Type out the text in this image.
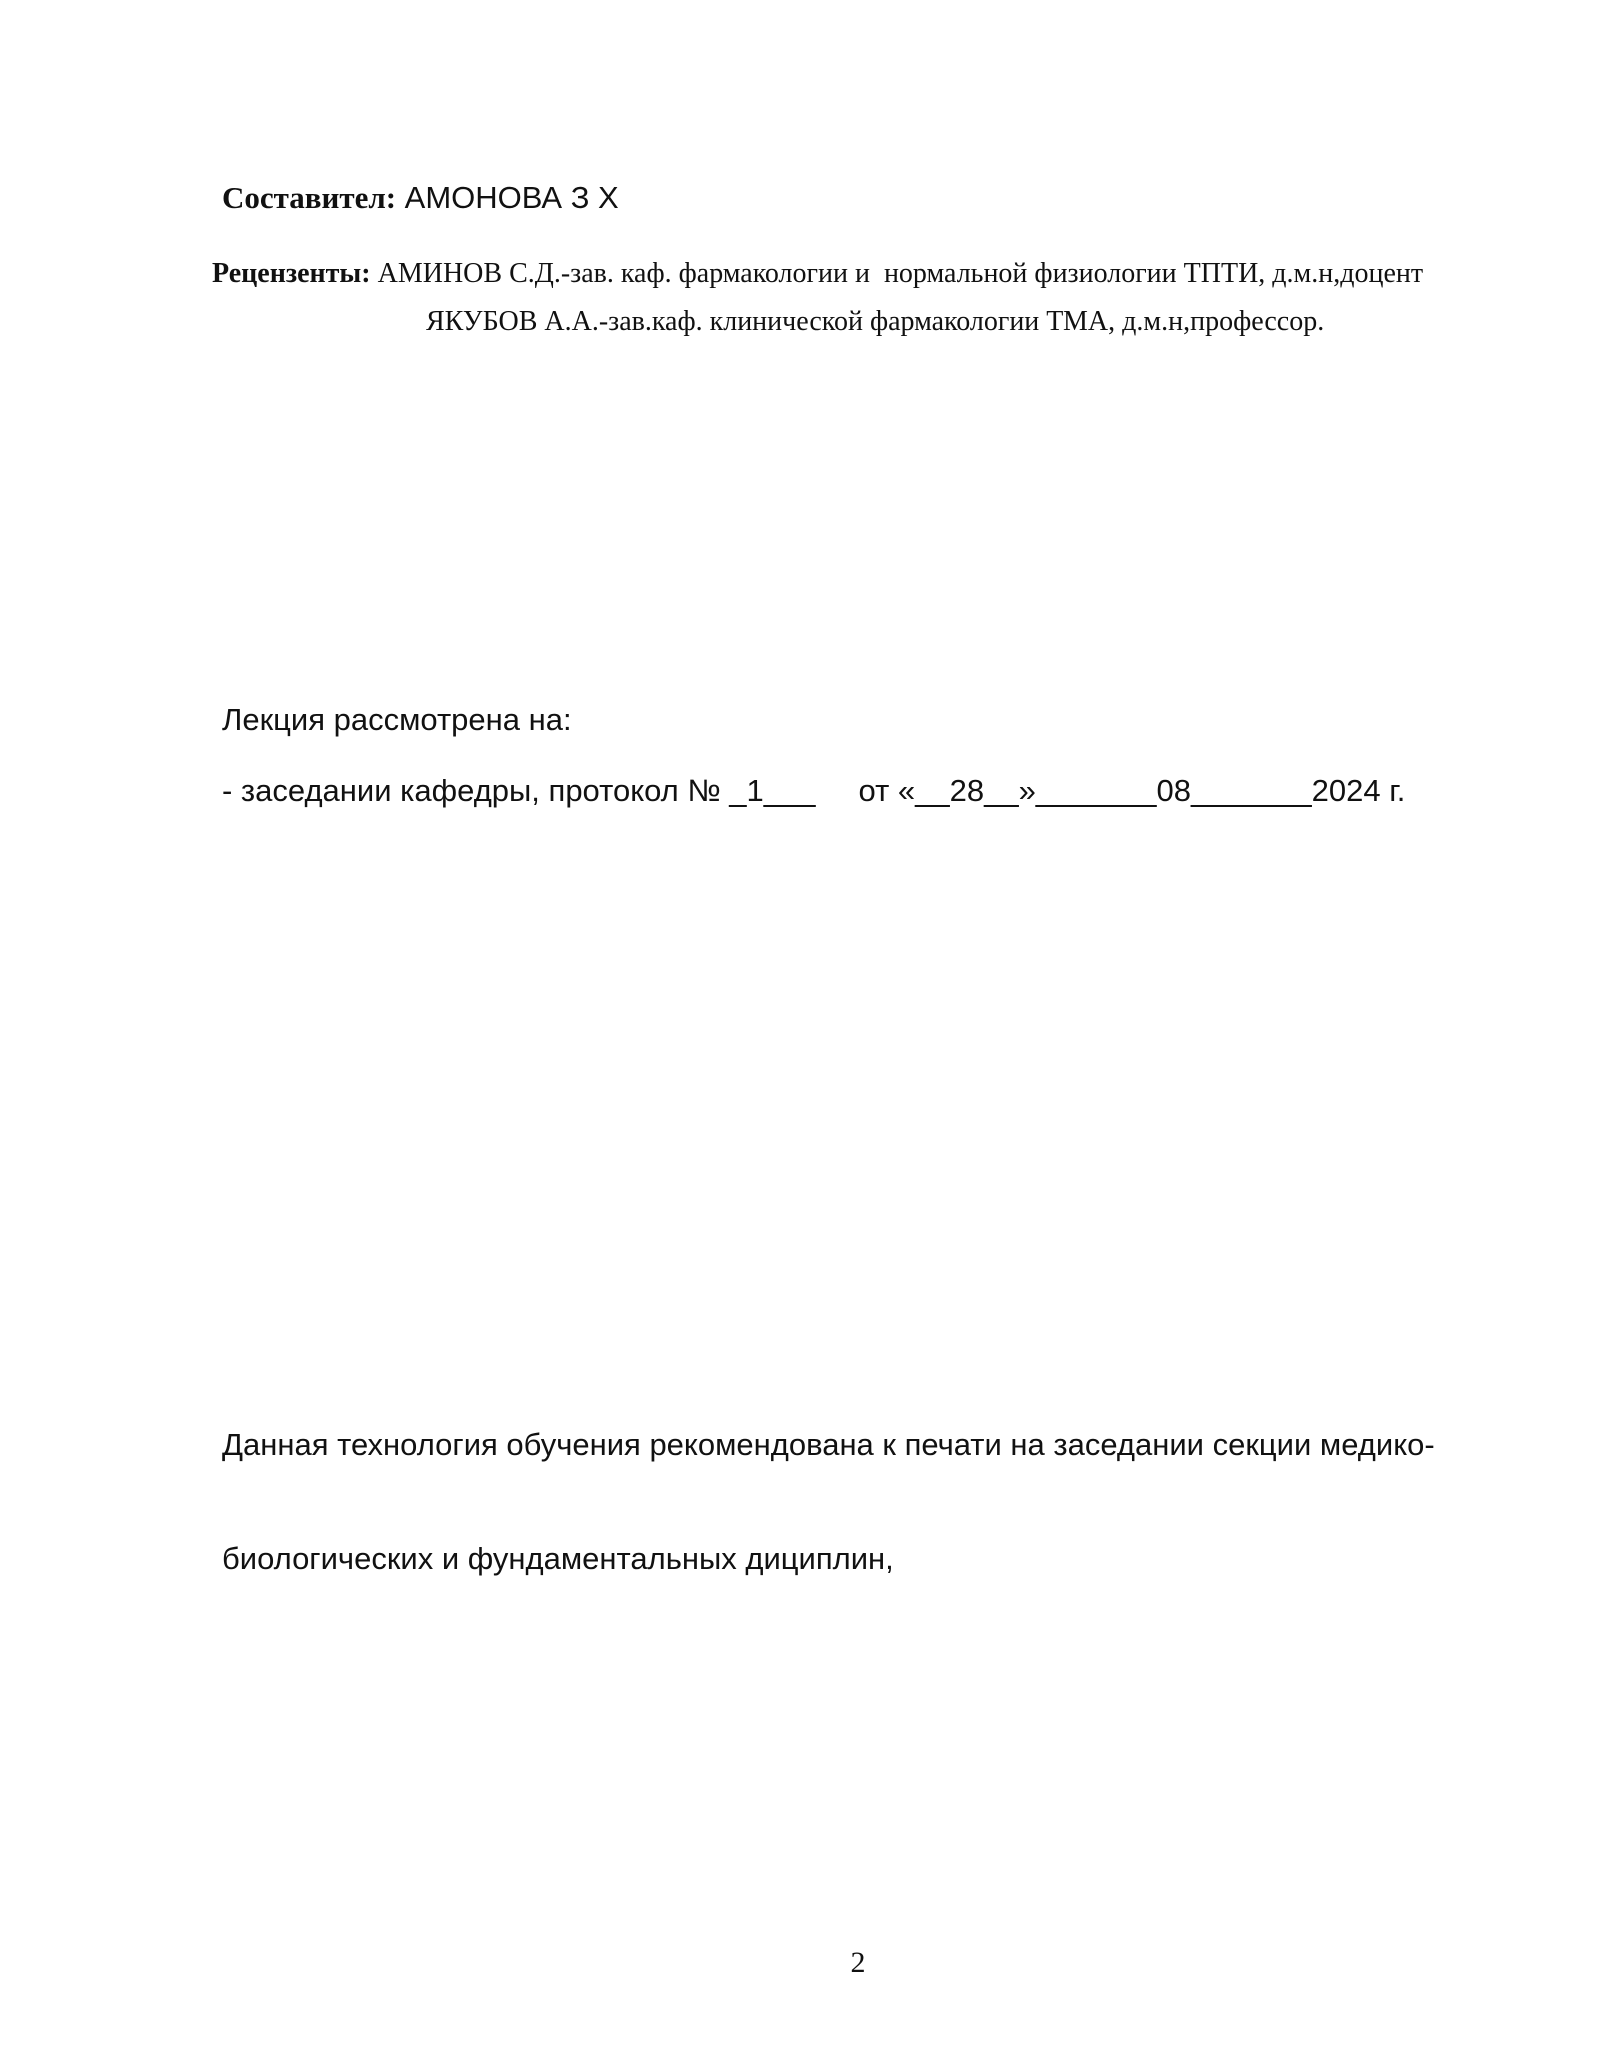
Составител: АМОНОВА З Х
Рецензенты: АМИНОВ С.Д.-зав. каф. фармакологии и  нормальной физиологии ТПТИ, д.м.н,доцент
ЯКУБОВ А.А.-зав.каф. клинической фармакологии ТМА, д.м.н,профессор.
Лекция рассмотрена на:
- заседании кафедры, протокол № _1___     от «__28__»_______08_______2024 г.

Данная технология обучения рекомендована к печати на заседании секции медико-

биологических и фундаментальных дициплин,

2
